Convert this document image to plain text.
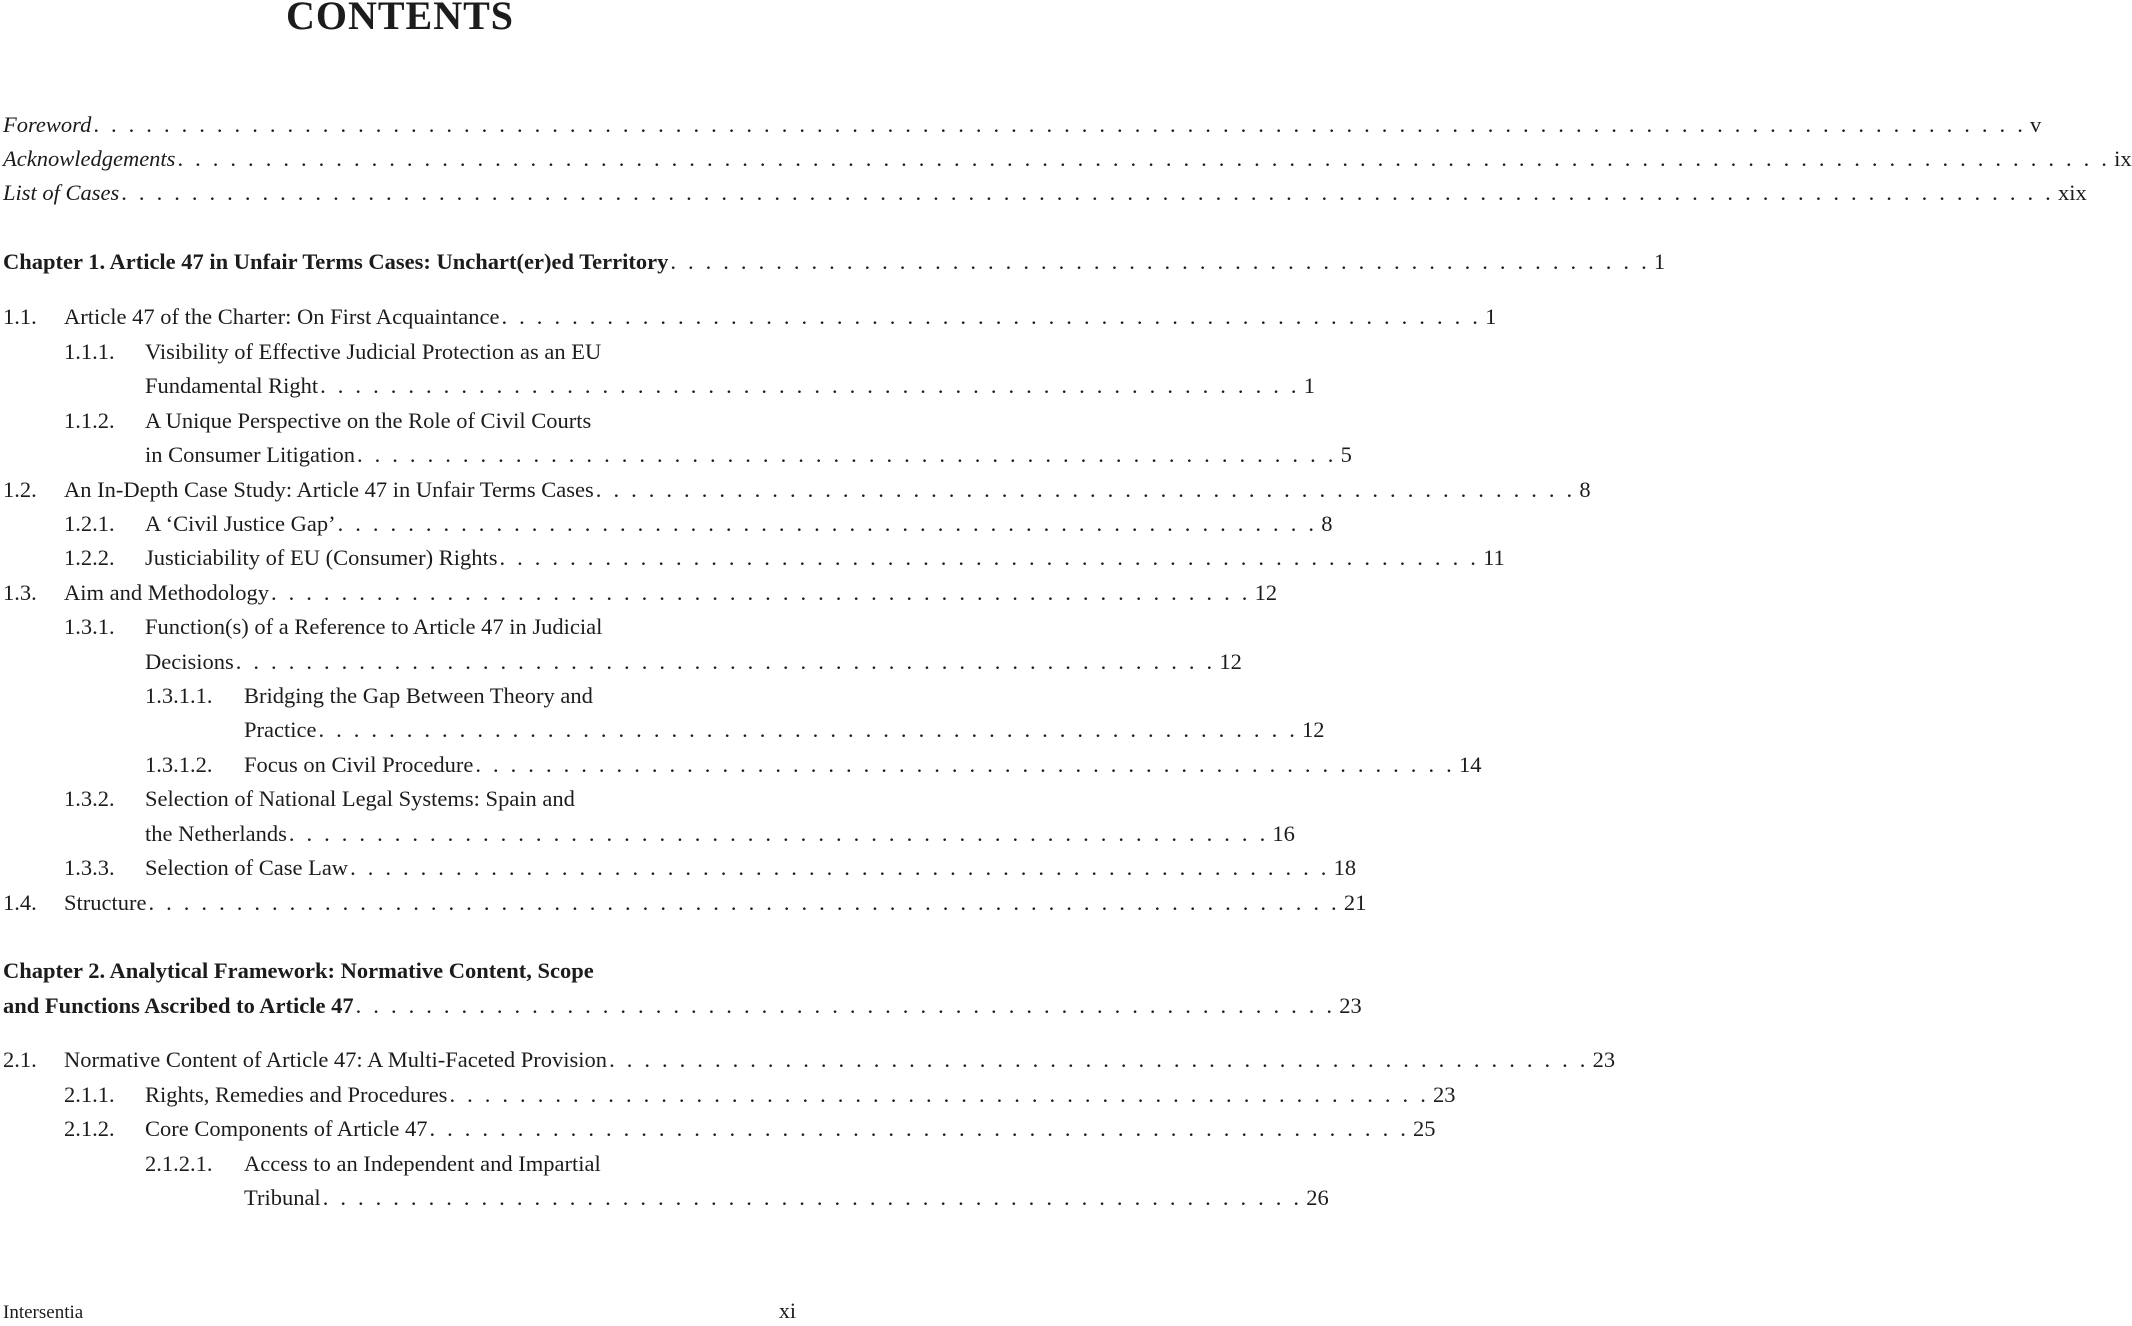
CONTENTS
Foreword . . . . . . . . . . . . . . . . . . . . . . . . . . . . . . . . . . . . . . . . . . . . . . . . . . . . . . . . . . . . . . . . . . . . . . . . . . . . . . . . . . . . . . . . . . . . . . . . . . . . . . . . . . . . . . v
Acknowledgements . . . . . . . . . . . . . . . . . . . . . . . . . . . . . . . . . . . . . . . . . . . . . . . . . . . . . . . . . . . . . . . . . . . . . . . . . . . . . . . . . . . . . . . . . . . . . . . . . . . . . . . . . . . . . . ix
List of Cases . . . . . . . . . . . . . . . . . . . . . . . . . . . . . . . . . . . . . . . . . . . . . . . . . . . . . . . . . . . . . . . . . . . . . . . . . . . . . . . . . . . . . . . . . . . . . . . . . . . . . . . . . . . . . . xix
Chapter 1. Article 47 in Unfair Terms Cases: Unchart(er)ed Territory . . . . . . . . . . . . . . . . . . . . . . . . . . . . . . . . . . . . . . . . . . . . . . . . . . . . . . . . 1
1.1. Article 47 of the Charter: On First Acquaintance . . . . . . . . . . . . . . . . . . . . . . . . . . . . . . . . . . . . . . . . . . . . . . . . . . . . . . . . 1
1.1.1. Visibility of Effective Judicial Protection as an EU
Fundamental Right . . . . . . . . . . . . . . . . . . . . . . . . . . . . . . . . . . . . . . . . . . . . . . . . . . . . . . . . 1
1.1.2. A Unique Perspective on the Role of Civil Courts
in Consumer Litigation . . . . . . . . . . . . . . . . . . . . . . . . . . . . . . . . . . . . . . . . . . . . . . . . . . . . . . . . 5
1.2. An In-Depth Case Study: Article 47 in Unfair Terms Cases . . . . . . . . . . . . . . . . . . . . . . . . . . . . . . . . . . . . . . . . . . . . . . . . . . . . . . . . 8
1.2.1. A ‘Civil Justice Gap’ . . . . . . . . . . . . . . . . . . . . . . . . . . . . . . . . . . . . . . . . . . . . . . . . . . . . . . . . 8
1.2.2. Justiciability of EU (Consumer) Rights . . . . . . . . . . . . . . . . . . . . . . . . . . . . . . . . . . . . . . . . . . . . . . . . . . . . . . . . 11
1.3. Aim and Methodology . . . . . . . . . . . . . . . . . . . . . . . . . . . . . . . . . . . . . . . . . . . . . . . . . . . . . . . . 12
1.3.1. Function(s) of a Reference to Article 47 in Judicial
Decisions . . . . . . . . . . . . . . . . . . . . . . . . . . . . . . . . . . . . . . . . . . . . . . . . . . . . . . . . 12
1.3.1.1. Bridging the Gap Between Theory and
Practice . . . . . . . . . . . . . . . . . . . . . . . . . . . . . . . . . . . . . . . . . . . . . . . . . . . . . . . . 12
1.3.1.2. Focus on Civil Procedure . . . . . . . . . . . . . . . . . . . . . . . . . . . . . . . . . . . . . . . . . . . . . . . . . . . . . . . . 14
1.3.2. Selection of National Legal Systems: Spain and
the Netherlands . . . . . . . . . . . . . . . . . . . . . . . . . . . . . . . . . . . . . . . . . . . . . . . . . . . . . . . . 16
1.3.3. Selection of Case Law . . . . . . . . . . . . . . . . . . . . . . . . . . . . . . . . . . . . . . . . . . . . . . . . . . . . . . . . 18
1.4. Structure . . . . . . . . . . . . . . . . . . . . . . . . . . . . . . . . . . . . . . . . . . . . . . . . . . . . . . . . . . . . . . . . . . . . 21
Chapter 2. Analytical Framework: Normative Content, Scope
and Functions Ascribed to Article 47 . . . . . . . . . . . . . . . . . . . . . . . . . . . . . . . . . . . . . . . . . . . . . . . . . . . . . . . . 23
2.1. Normative Content of Article 47: A Multi-Faceted Provision . . . . . . . . . . . . . . . . . . . . . . . . . . . . . . . . . . . . . . . . . . . . . . . . . . . . . . . . 23
2.1.1. Rights, Remedies and Procedures . . . . . . . . . . . . . . . . . . . . . . . . . . . . . . . . . . . . . . . . . . . . . . . . . . . . . . . . 23
2.1.2. Core Components of Article 47 . . . . . . . . . . . . . . . . . . . . . . . . . . . . . . . . . . . . . . . . . . . . . . . . . . . . . . . . 25
2.1.2.1. Access to an Independent and Impartial
Tribunal . . . . . . . . . . . . . . . . . . . . . . . . . . . . . . . . . . . . . . . . . . . . . . . . . . . . . . . . 26
Intersentia	xi
